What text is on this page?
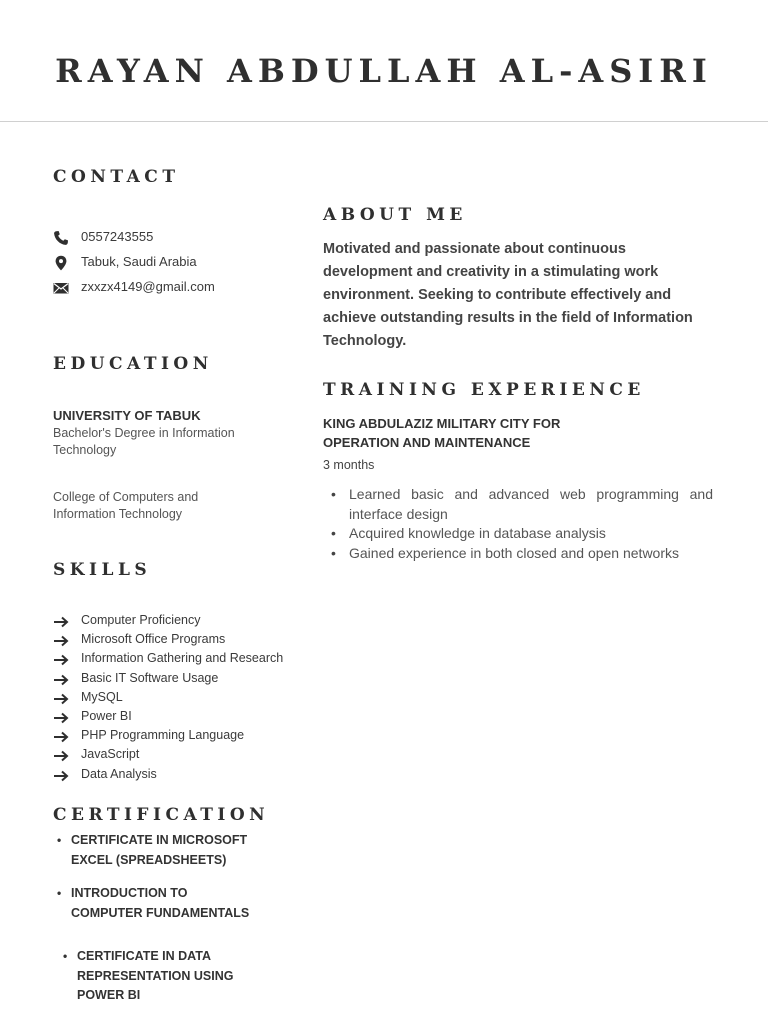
RAYAN ABDULLAH AL-ASIRI
CONTACT
0557243555
Tabuk, Saudi Arabia
zxxzx4149@gmail.com
EDUCATION
UNIVERSITY OF TABUK
Bachelor's Degree in Information Technology
College of Computers and Information Technology
SKILLS
Computer Proficiency
Microsoft Office Programs
Information Gathering and Research
Basic IT Software Usage
MySQL
Power BI
PHP Programming Language
JavaScript
Data Analysis
CERTIFICATION
• CERTIFICATE IN MICROSOFT EXCEL (SPREADSHEETS)
• INTRODUCTION TO COMPUTER FUNDAMENTALS
• CERTIFICATE IN DATA REPRESENTATION USING POWER BI
ABOUT ME
Motivated and passionate about continuous development and creativity in a stimulating work environment. Seeking to contribute effectively and achieve outstanding results in the field of Information Technology.
TRAINING EXPERIENCE
KING ABDULAZIZ MILITARY CITY FOR OPERATION AND MAINTENANCE
3 months
• Learned basic and advanced web programming and interface design
• Acquired knowledge in database analysis
• Gained experience in both closed and open networks
